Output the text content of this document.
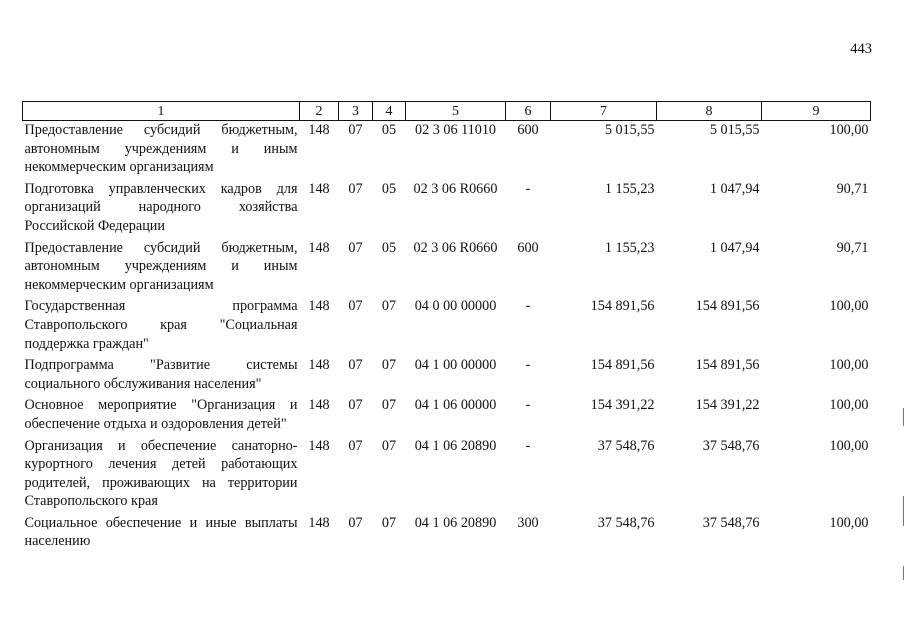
443
1	2	3	4	5	6	7	8	9
Предоставление субсидий бюджетным, автономным учреждениям и иным некоммерческим организациям	148	07	05	02 3 06 11010	600	5 015,55	5 015,55	100,00
Подготовка управленческих кадров для организаций народного хозяйства Российской Федерации	148	07	05	02 3 06 R0660	-	1 155,23	1 047,94	90,71
Предоставление субсидий бюджетным, автономным учреждениям и иным некоммерческим организациям	148	07	05	02 3 06 R0660	600	1 155,23	1 047,94	90,71
Государственная программа Ставропольского края "Социальная поддержка граждан"	148	07	07	04 0 00 00000	-	154 891,56	154 891,56	100,00
Подпрограмма "Развитие системы социального обслуживания населения"	148	07	07	04 1 00 00000	-	154 891,56	154 891,56	100,00
Основное мероприятие "Организация и обеспечение отдыха и оздоровления детей"	148	07	07	04 1 06 00000	-	154 391,22	154 391,22	100,00
Организация и обеспечение санаторно-курортного лечения детей работающих родителей, проживающих на территории Ставропольского края	148	07	07	04 1 06 20890	-	37 548,76	37 548,76	100,00
Социальное обеспечение и иные выплаты населению	148	07	07	04 1 06 20890	300	37 548,76	37 548,76	100,00
